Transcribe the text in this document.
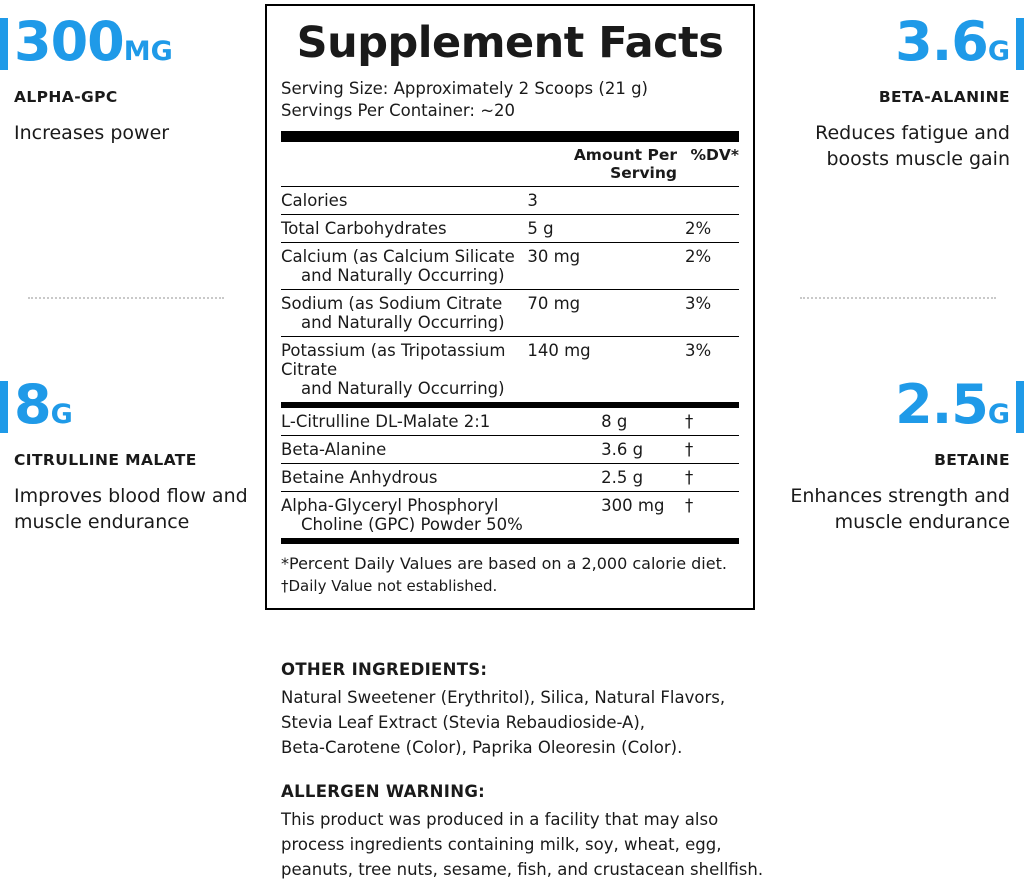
300MG
ALPHA-GPC
Increases power
8G
CITRULLINE MALATE
Improves blood flow and muscle endurance
3.6G
BETA-ALANINE
Reduces fatigue and boosts muscle gain
2.5G
BETAINE
Enhances strength and muscle endurance
Supplement Facts
Serving Size: Approximately 2 Scoops (21 g)
Servings Per Container: ~20
	Amount Per Serving	%DV*
Calories	3	
Total Carbohydrates	5 g	2%
Calcium (as Calcium Silicate
and Naturally Occurring)	30 mg	2%
Sodium (as Sodium Citrate
and Naturally Occurring)	70 mg	3%
Potassium (as Tripotassium Citrate
and Naturally Occurring)	140 mg	3%
L-Citrulline DL-Malate 2:1	8 g	†
Beta-Alanine	3.6 g	†
Betaine Anhydrous	2.5 g	†
Alpha-Glyceryl Phosphoryl
Choline (GPC) Powder 50%	300 mg	†
*Percent Daily Values are based on a 2,000 calorie diet.
†Daily Value not established.
OTHER INGREDIENTS:
Natural Sweetener (Erythritol), Silica, Natural Flavors,
Stevia Leaf Extract (Stevia Rebaudioside-A),
Beta-Carotene (Color), Paprika Oleoresin (Color).
ALLERGEN WARNING:
This product was produced in a facility that may also
process ingredients containing milk, soy, wheat, egg,
peanuts, tree nuts, sesame, fish, and crustacean shellfish.
